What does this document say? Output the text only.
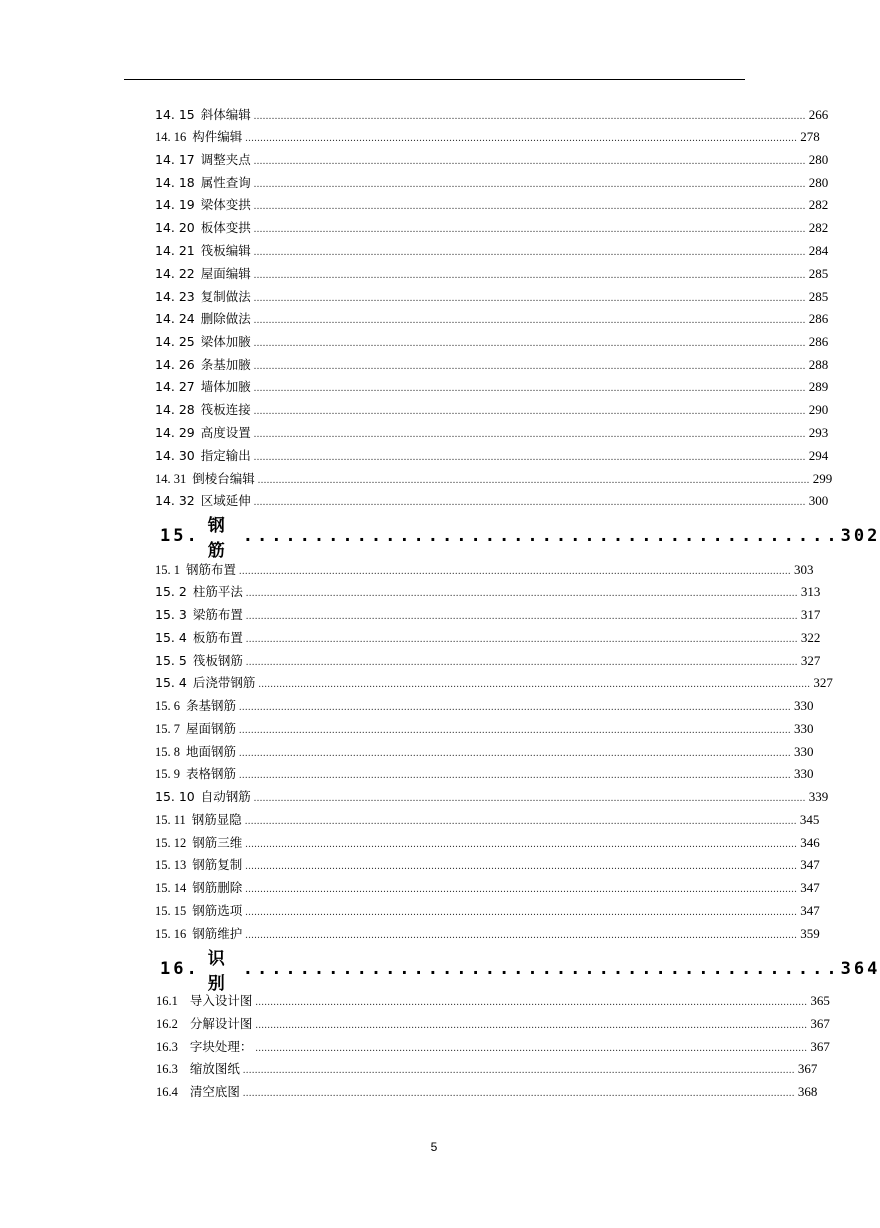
14. 15 斜体编辑 ........................................................................................................................................................................................ 266
14. 16 构件编辑 ........................................................................................................................................................................................ 278
14. 17 调整夹点 ........................................................................................................................................................................................ 280
14. 18 属性查询 ........................................................................................................................................................................................ 280
14. 19 梁体变拱 ........................................................................................................................................................................................ 282
14. 20 板体变拱 ........................................................................................................................................................................................ 282
14. 21 筏板编辑 ........................................................................................................................................................................................ 284
14. 22 屋面编辑 ........................................................................................................................................................................................ 285
14. 23 复制做法 ........................................................................................................................................................................................ 285
14. 24 删除做法 ........................................................................................................................................................................................ 286
14. 25 梁体加腋 ........................................................................................................................................................................................ 286
14. 26 条基加腋 ........................................................................................................................................................................................ 288
14. 27 墙体加腋 ........................................................................................................................................................................................ 289
14. 28 筏板连接 ........................................................................................................................................................................................ 290
14. 29 高度设置 ........................................................................................................................................................................................ 293
14. 30 指定输出 ........................................................................................................................................................................................ 294
14. 31 倒棱台编辑 ........................................................................................................................................................................................ 299
14. 32 区域延伸 ........................................................................................................................................................................................ 300
15. 钢筋
.......................................... 302
15. 1 钢筋布置 ........................................................................................................................................................................................ 303
15. 2 柱筋平法 ........................................................................................................................................................................................ 313
15. 3 梁筋布置 ........................................................................................................................................................................................ 317
15. 4 板筋布置 ........................................................................................................................................................................................ 322
15. 5 筏板钢筋 ........................................................................................................................................................................................ 327
15. 4 后浇带钢筋 ........................................................................................................................................................................................ 327
15. 6 条基钢筋 ........................................................................................................................................................................................ 330
15. 7 屋面钢筋 ........................................................................................................................................................................................ 330
15. 8 地面钢筋 ........................................................................................................................................................................................ 330
15. 9 表格钢筋 ........................................................................................................................................................................................ 330
15. 10 自动钢筋 ........................................................................................................................................................................................ 339
15. 11 钢筋显隐 ........................................................................................................................................................................................ 345
15. 12 钢筋三维 ........................................................................................................................................................................................ 346
15. 13 钢筋复制 ........................................................................................................................................................................................ 347
15. 14 钢筋删除 ........................................................................................................................................................................................ 347
15. 15 钢筋选项 ........................................................................................................................................................................................ 347
15. 16 钢筋维护 ........................................................................................................................................................................................ 359
16. 识别
.......................................... 364
16.1 导入设计图 ........................................................................................................................................................................................ 365
16.2 分解设计图 ........................................................................................................................................................................................ 367
16.3 字块处理： ........................................................................................................................................................................................ 367
16.3 缩放图纸 ........................................................................................................................................................................................ 367
16.4 清空底图 ........................................................................................................................................................................................ 368
5
